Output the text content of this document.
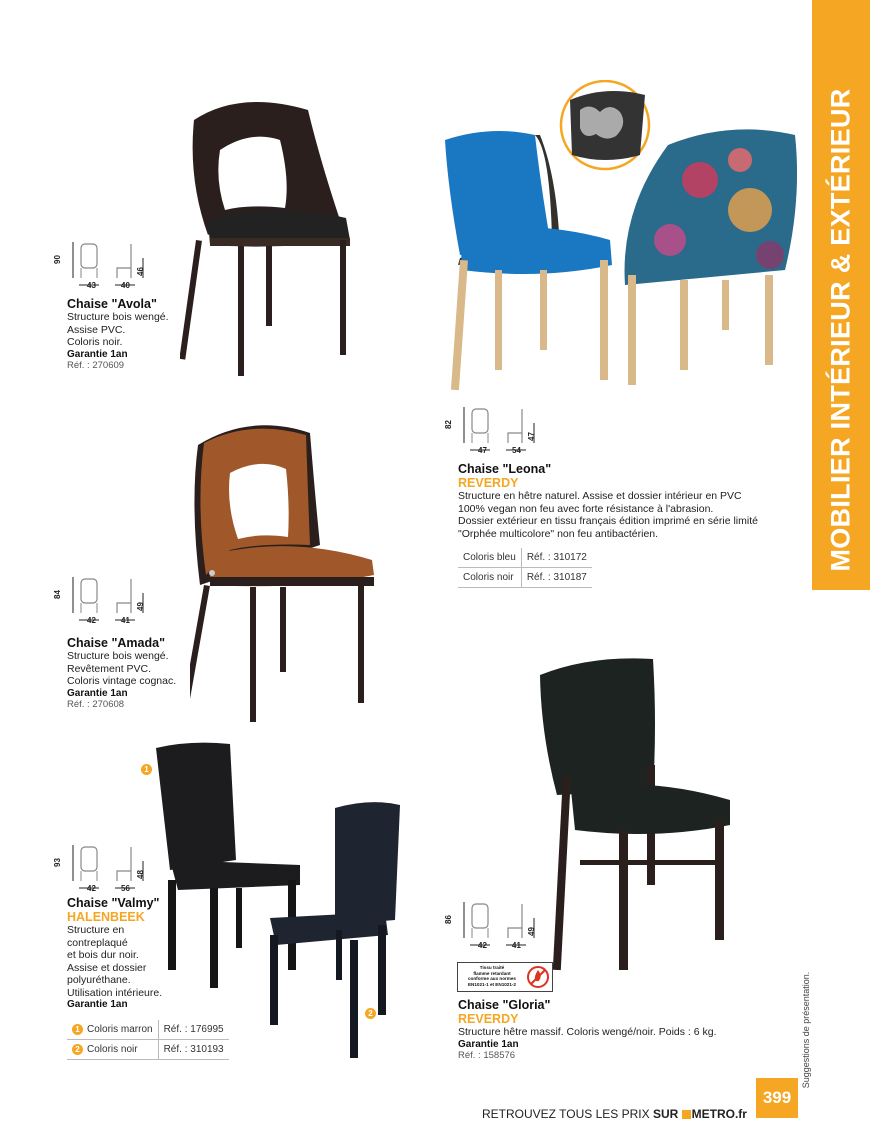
MOBILIER INTÉRIEUR & EXTÉRIEUR
90
43	40
46
Chaise "Avola"
Structure bois wengé.
Assise PVC.
Coloris noir.
Garantie 1an
Réf. : 270609
84
42	41
49
Chaise "Amada"
Structure bois wengé.
Revêtement PVC.
Coloris vintage cognac.
Garantie 1an
Réf. : 270608
82
47	54
47
Chaise "Leona"
REVERDY
Structure en hêtre naturel. Assise et dossier intérieur en PVC
100% vegan non feu avec forte résistance à l'abrasion.
Dossier extérieur en tissu français édition imprimé en série limité
"Orphée multicolore" non feu antibactérien.
Coloris bleu	Réf. : 310172
Coloris noir	Réf. : 310187
1
2
93
42	56
48
Chaise "Valmy"
HALENBEEK
Structure en
contreplaqué
et bois dur noir.
Assise et dossier
polyuréthane.
Utilisation intérieure.
Garantie 1an
1 Coloris marron	Réf. : 176995
2 Coloris noir	Réf. : 310193
86
42	41
49
Tissu traité
flamme retardant
conforme aux normes
EN1021-1 et EN1021-2
Chaise "Gloria"
REVERDY
Structure hêtre massif. Coloris wengé/noir. Poids : 6 kg.
Garantie 1an
Réf. : 158576	Suggestions de présentation.
399
RETROUVEZ TOUS LES PRIX SUR METRO.fr
